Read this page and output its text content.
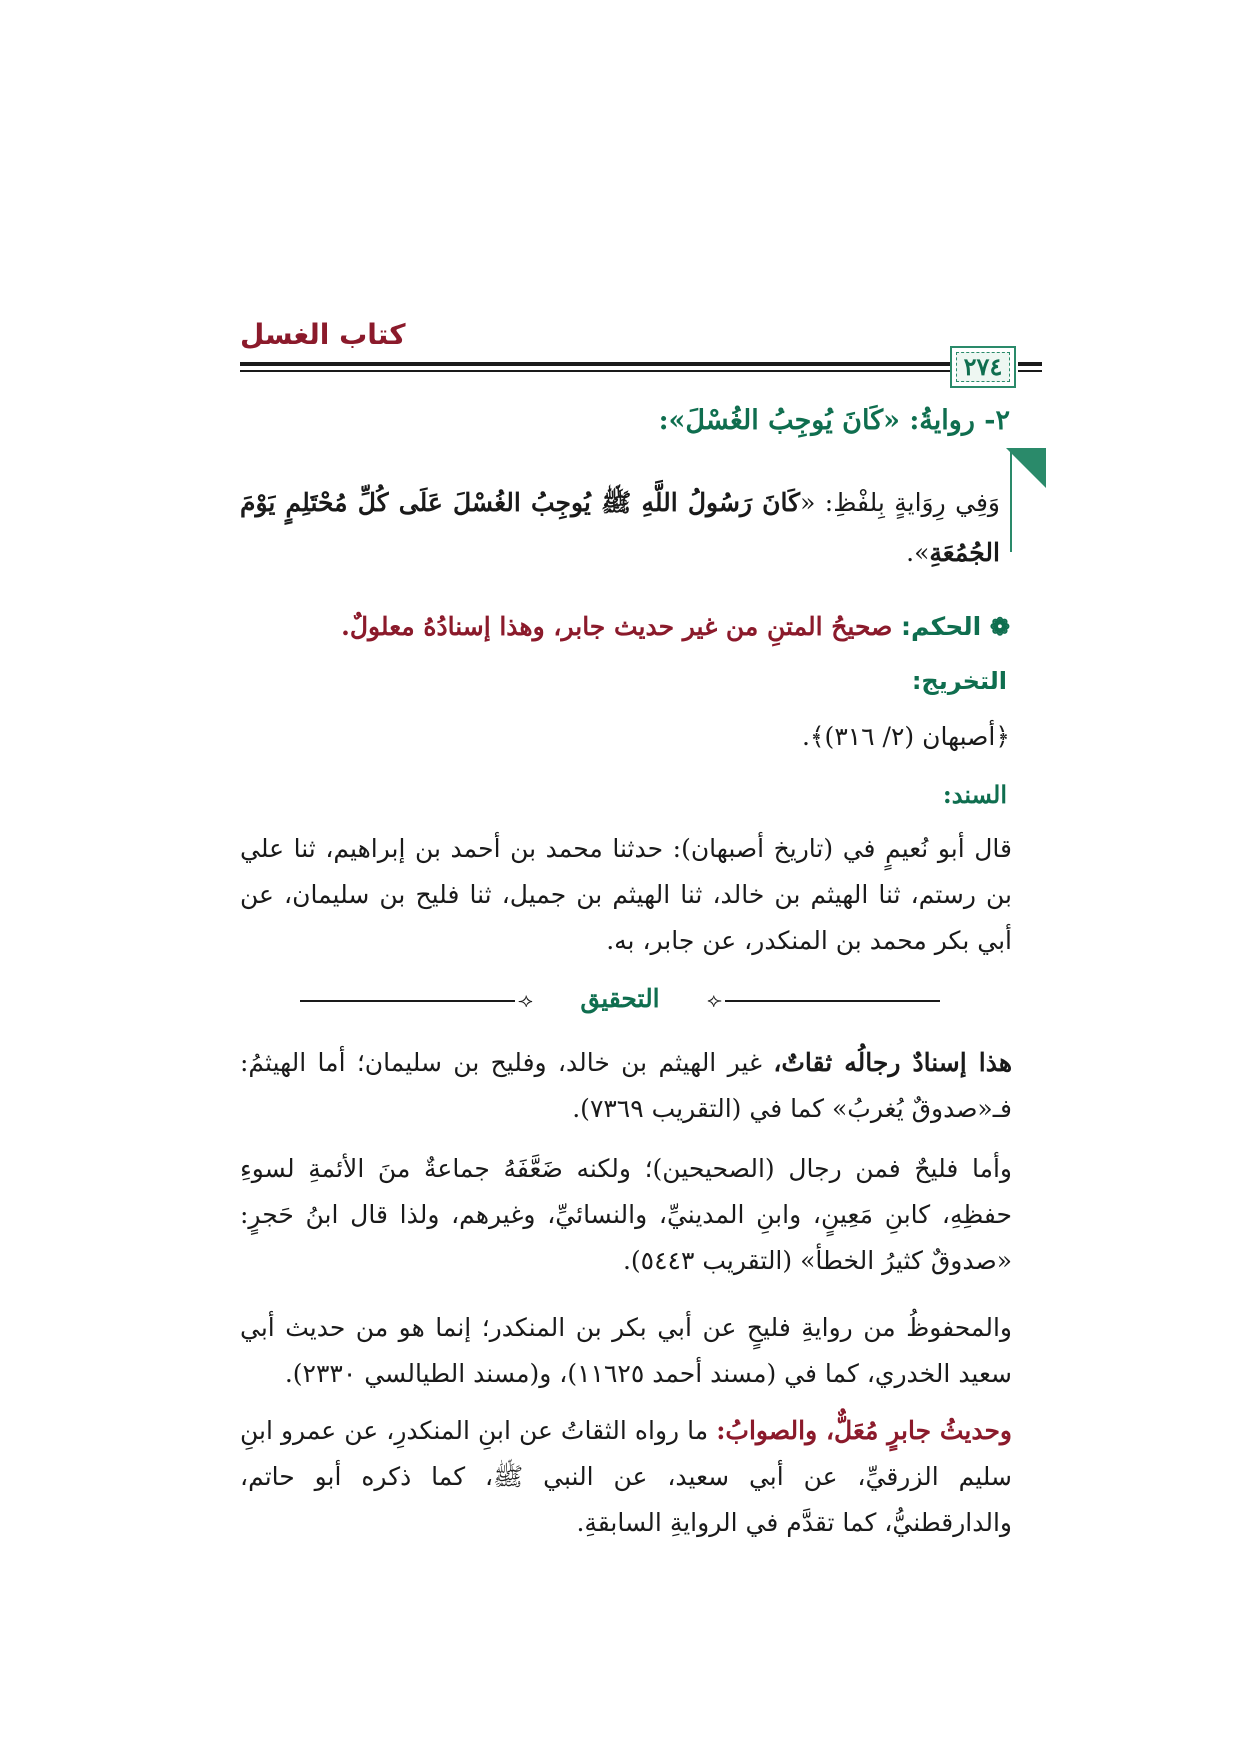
كتاب الغسل
٢٧٤
٢- روايةُ: «كَانَ يُوجِبُ الغُسْلَ»:
وَفِي رِوَايةٍ بِلفْظِ: «كَانَ رَسُولُ اللَّهِ ﷺ يُوجِبُ الغُسْلَ عَلَى كُلِّ مُحْتَلِمٍ يَوْمَ الجُمُعَةِ».
❁ الحكم: صحيحُ المتنِ من غير حديث جابر، وهذا إسنادُهُ معلولٌ.
التخريج:
﴿أصبهان (٢/ ٣١٦)﴾.
السند:
قال أبو نُعيمٍ في (تاريخ أصبهان): حدثنا محمد بن أحمد بن إبراهيم، ثنا علي بن رستم، ثنا الهيثم بن خالد، ثنا الهيثم بن جميل، ثنا فليح بن سليمان، عن أبي بكر محمد بن المنكدر، عن جابر، به.
⟢	التحقيق	⟣
هذا إسنادٌ رجالُه ثقاتٌ، غير الهيثم بن خالد، وفليح بن سليمان؛ أما الهيثمُ: فـ«صدوقٌ يُغربُ» كما في (التقريب ٧٣٦٩).
وأما فليحٌ فمن رجال (الصحيحين)؛ ولكنه ضَعَّفَهُ جماعةٌ منَ الأئمةِ لسوءِ حفظِهِ، كابنِ مَعِينٍ، وابنِ المدينيِّ، والنسائيِّ، وغيرهم، ولذا قال ابنُ حَجرٍ: «صدوقٌ كثيرُ الخطأ» (التقريب ٥٤٤٣).
والمحفوظُ من روايةِ فليحٍ عن أبي بكر بن المنكدر؛ إنما هو من حديث أبي سعيد الخدري، كما في (مسند أحمد ١١٦٢٥)، و(مسند الطيالسي ٢٣٣٠).
وحديثُ جابرٍ مُعَلٌّ، والصوابُ: ما رواه الثقاتُ عن ابنِ المنكدرِ، عن عمرو ابنِ سليم الزرقيِّ، عن أبي سعيد، عن النبي ﷺ، كما ذكره أبو حاتم، والدارقطنيُّ، كما تقدَّم في الروايةِ السابقةِ.
